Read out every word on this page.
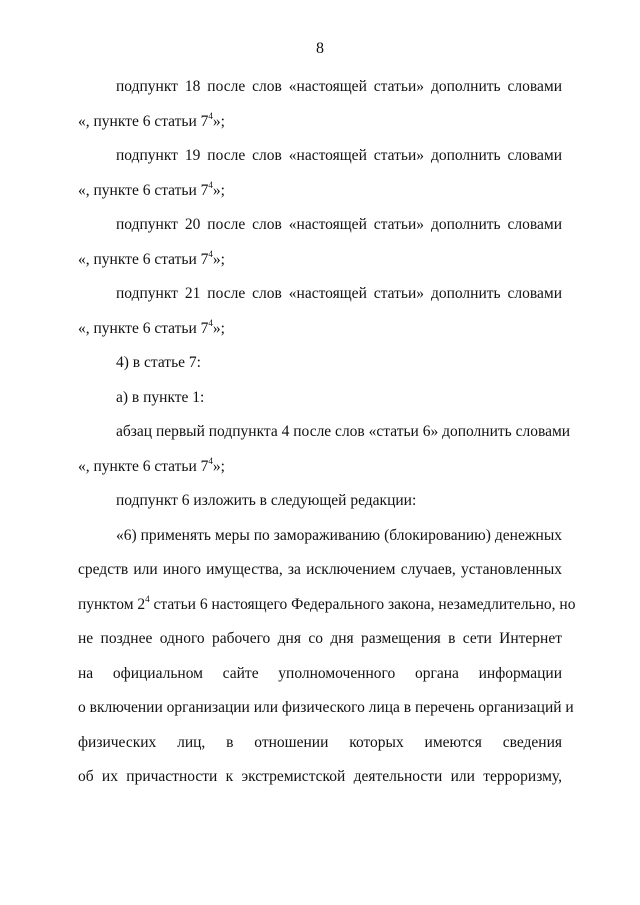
8
подпункт 18 после слов «настоящей статьи» дополнить словами
«, пункте 6 статьи $7^4$»;
подпункт 19 после слов «настоящей статьи» дополнить словами
«, пункте 6 статьи $7^4$»;
подпункт 20 после слов «настоящей статьи» дополнить словами
«, пункте 6 статьи $7^4$»;
подпункт 21 после слов «настоящей статьи» дополнить словами
«, пункте 6 статьи $7^4$»;
4) в статье 7:
а) в пункте 1:
абзац первый подпункта 4 после слов «статьи 6» дополнить словами
«, пункте 6 статьи $7^4$»;
подпункт 6 изложить в следующей редакции:
«6) применять меры по замораживанию (блокированию) денежных
средств или иного имущества, за исключением случаев, установленных
пунктом $2^4$ статьи 6 настоящего Федерального закона, незамедлительно, но
не позднее одного рабочего дня со дня размещения в сети Интернет
на официальном сайте уполномоченного органа информации
о включении организации или физического лица в перечень организаций и
физических лиц, в отношении которых имеются сведения
об их причастности к экстремистской деятельности или терроризму,
